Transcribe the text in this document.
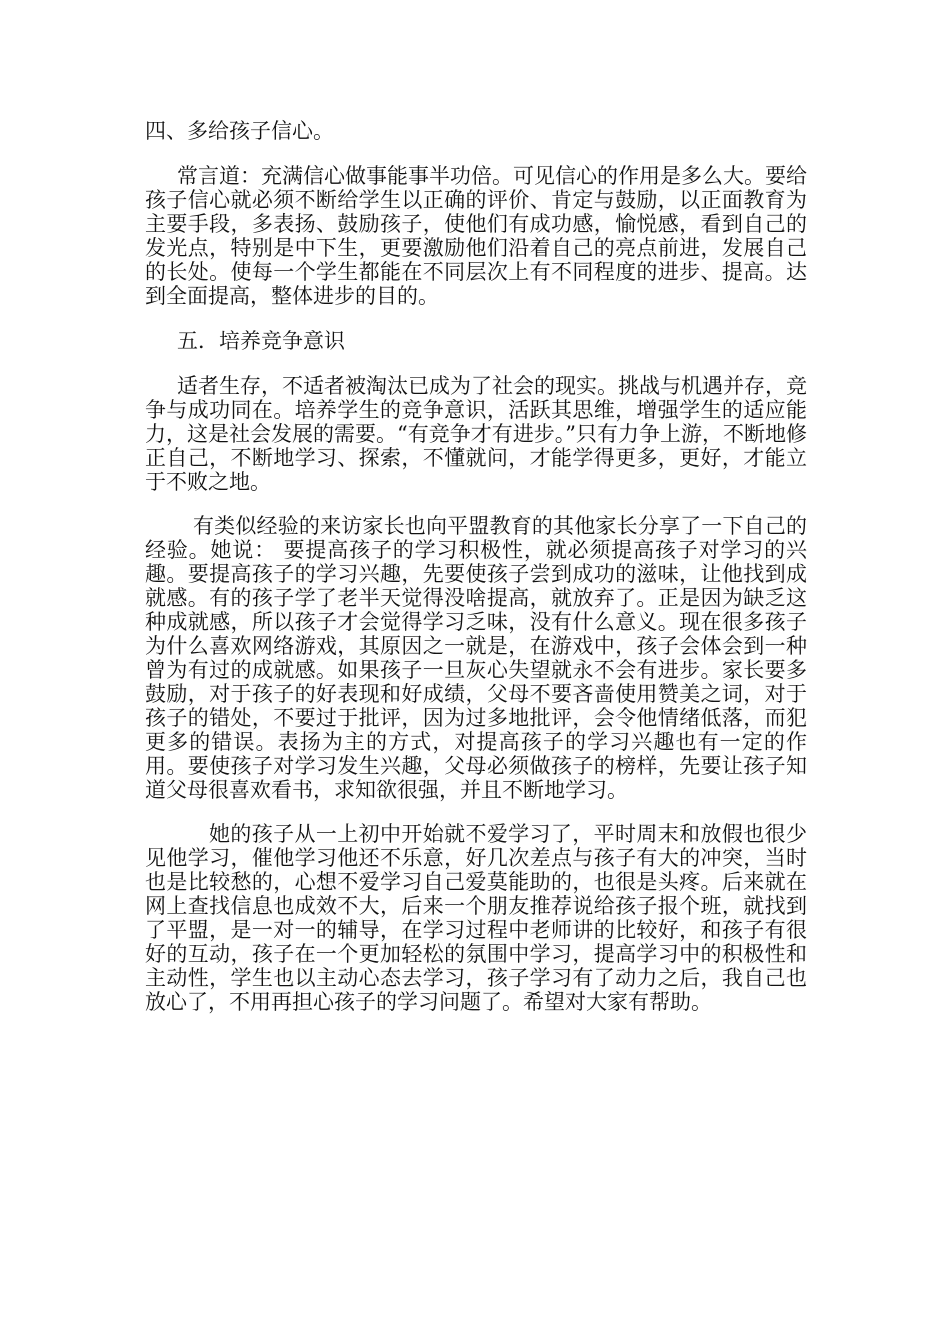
四、多给孩子信心。

常言道：充满信心做事能事半功倍。可见信心的作用是多么大。要给孩子信心就必须不断给学生以正确的评价、肯定与鼓励，以正面教育为主要手段，多表扬、鼓励孩子，使他们有成功感，愉悦感，看到自己的发光点，特别是中下生，更要激励他们沿着自己的亮点前进，发展自己的长处。使每一个学生都能在不同层次上有不同程度的进步、提高。达到全面提高，整体进步的目的。

五．培养竞争意识

适者生存，不适者被淘汰已成为了社会的现实。挑战与机遇并存，竞争与成功同在。培养学生的竞争意识，活跃其思维，增强学生的适应能力，这是社会发展的需要。“有竞争才有进步。”只有力争上游，不断地修正自己，不断地学习、探索，不懂就问，才能学得更多，更好，才能立于不败之地。

有类似经验的来访家长也向平盟教育的其他家长分享了一下自己的经验。她说： 要提高孩子的学习积极性，就必须提高孩子对学习的兴趣。要提高孩子的学习兴趣，先要使孩子尝到成功的滋味，让他找到成就感。有的孩子学了老半天觉得没啥提高，就放弃了。正是因为缺乏这种成就感，所以孩子才会觉得学习乏味，没有什么意义。现在很多孩子为什么喜欢网络游戏，其原因之一就是，在游戏中，孩子会体会到一种曾为有过的成就感。如果孩子一旦灰心失望就永不会有进步。家长要多鼓励，对于孩子的好表现和好成绩，父母不要吝啬使用赞美之词，对于孩子的错处，不要过于批评，因为过多地批评，会令他情绪低落，而犯更多的错误。表扬为主的方式，对提高孩子的学习兴趣也有一定的作用。要使孩子对学习发生兴趣，父母必须做孩子的榜样，先要让孩子知道父母很喜欢看书，求知欲很强，并且不断地学习。

她的孩子从一上初中开始就不爱学习了，平时周末和放假也很少见他学习，催他学习他还不乐意，好几次差点与孩子有大的冲突，当时也是比较愁的，心想不爱学习自己爱莫能助的，也很是头疼。后来就在网上查找信息也成效不大，后来一个朋友推荐说给孩子报个班，就找到了平盟，是一对一的辅导，在学习过程中老师讲的比较好，和孩子有很好的互动，孩子在一个更加轻松的氛围中学习，提高学习中的积极性和主动性，学生也以主动心态去学习，孩子学习有了动力之后，我自己也放心了，不用再担心孩子的学习问题了。希望对大家有帮助。
